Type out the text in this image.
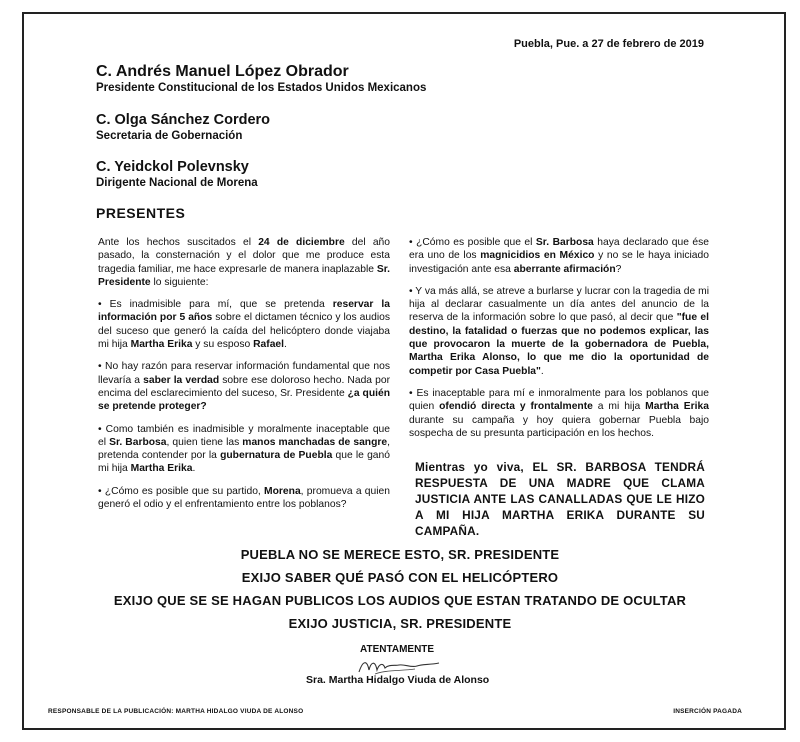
Puebla, Pue. a 27 de febrero de 2019
C. Andrés Manuel López Obrador
Presidente Constitucional de los Estados Unidos Mexicanos
C. Olga Sánchez Cordero
Secretaria de Gobernación
C. Yeidckol Polevnsky
Dirigente Nacional de Morena
PRESENTES

Ante los hechos suscitados el 24 de diciembre del año pasado, la consternación y el dolor que me produce esta tragedia familiar, me hace expresarle de manera inaplazable Sr. Presidente lo siguiente:

• Es inadmisible para mí, que se pretenda reservar la información por 5 años sobre el dictamen técnico y los audios del suceso que generó la caída del helicóptero donde viajaba mi hija Martha Erika y su esposo Rafael.

• No hay razón para reservar información fundamental que nos llevaría a saber la verdad sobre ese doloroso hecho. Nada por encima del esclarecimiento del suceso, Sr. Presidente ¿a quién se pretende proteger?

• Como también es inadmisible y moralmente inaceptable que el Sr. Barbosa, quien tiene las manos manchadas de sangre, pretenda contender por la gubernatura de Puebla que le ganó mi hija Martha Erika.

• ¿Cómo es posible que su partido, Morena, promueva a quien generó el odio y el enfrentamiento entre los poblanos?

• ¿Cómo es posible que el Sr. Barbosa haya declarado que ése era uno de los magnicidios en México y no se le haya iniciado investigación ante esa aberrante afirmación?

• Y va más allá, se atreve a burlarse y lucrar con la tragedia de mi hija al declarar casualmente un día antes del anuncio de la reserva de la información sobre lo que pasó, al decir que "fue el destino, la fatalidad o fuerzas que no podemos explicar, las que provocaron la muerte de la gobernadora de Puebla, Martha Erika Alonso, lo que me dio la oportunidad de competir por Casa Puebla".

• Es inaceptable para mí e inmoralmente para los poblanos que quien ofendió directa y frontalmente a mi hija Martha Erika durante su campaña y hoy quiera gobernar Puebla bajo sospecha de su presunta participación en los hechos.

Mientras yo viva, EL SR. BARBOSA TENDRÁ RESPUESTA DE UNA MADRE QUE CLAMA JUSTICIA ANTE LAS CANALLADAS QUE LE HIZO A MI HIJA MARTHA ERIKA DURANTE SU CAMPAÑA.
PUEBLA NO SE MERECE ESTO, SR. PRESIDENTE
EXIJO SABER QUÉ PASÓ CON EL HELICÓPTERO
EXIJO QUE SE SE HAGAN PUBLICOS LOS AUDIOS QUE ESTAN TRATANDO DE OCULTAR
EXIJO JUSTICIA, SR. PRESIDENTE
ATENTAMENTE
Sra. Martha Hidalgo Viuda de Alonso
RESPONSABLE DE LA PUBLICACIÓN: MARTHA HIDALGO VIUDA DE ALONSO	INSERCIÓN PAGADA
